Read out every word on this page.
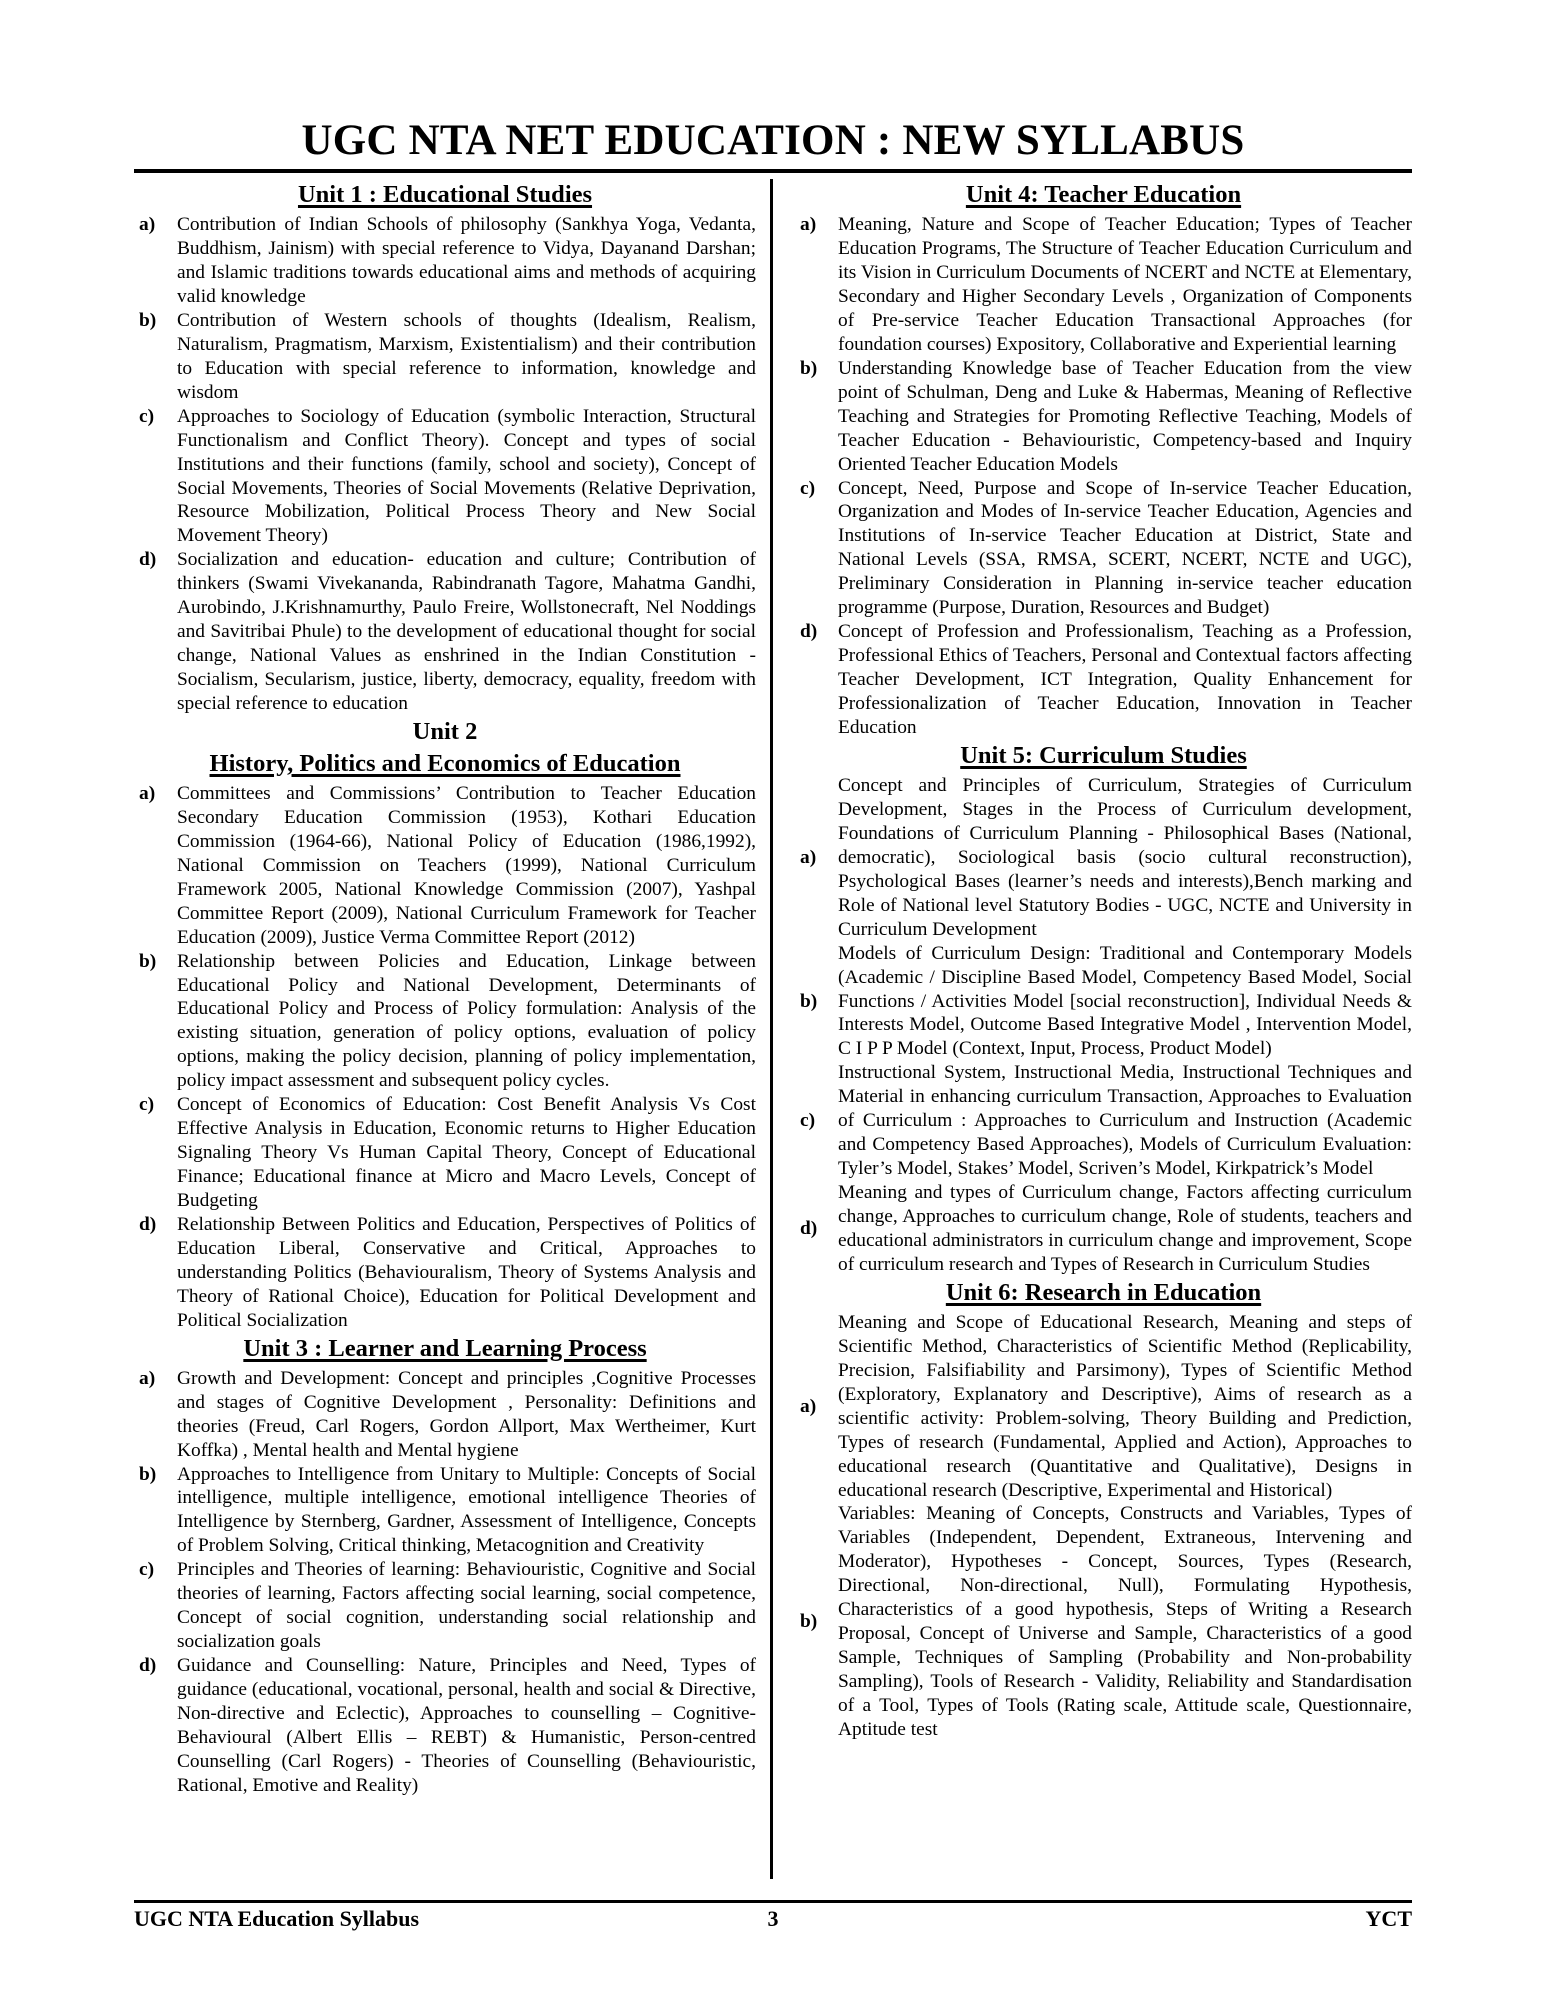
UGC NTA NET EDUCATION : NEW SYLLABUS
Unit 1 : Educational Studies
a)	Contribution of Indian Schools of philosophy (Sankhya Yoga, Vedanta, Buddhism, Jainism) with special reference to Vidya, Dayanand Darshan; and Islamic traditions towards educational aims and methods of acquiring valid knowledge
b)	Contribution of Western schools of thoughts (Idealism, Realism, Naturalism, Pragmatism, Marxism, Existentialism) and their contribution to Education with special reference to information, knowledge and wisdom
c)	Approaches to Sociology of Education (symbolic Interaction, Structural Functionalism and Conflict Theory). Concept and types of social Institutions and their functions (family, school and society), Concept of Social Movements, Theories of Social Movements (Relative Deprivation, Resource Mobilization, Political Process Theory and New Social Movement Theory)
d)	Socialization and education- education and culture; Contribution of thinkers (Swami Vivekananda, Rabindranath Tagore, Mahatma Gandhi, Aurobindo, J.Krishnamurthy, Paulo Freire, Wollstonecraft, Nel Noddings and Savitribai Phule) to the development of educational thought for social change, National Values as enshrined in the Indian Constitution - Socialism, Secularism, justice, liberty, democracy, equality, freedom with special reference to education
Unit 2
History, Politics and Economics of Education
a)	Committees and Commissions’ Contribution to Teacher Education Secondary Education Commission (1953), Kothari Education Commission (1964-66), National Policy of Education (1986,1992), National Commission on Teachers (1999), National Curriculum Framework 2005, National Knowledge Commission (2007), Yashpal Committee Report (2009), National Curriculum Framework for Teacher Education (2009), Justice Verma Committee Report (2012)
b)	Relationship between Policies and Education, Linkage between Educational Policy and National Development, Determinants of Educational Policy and Process of Policy formulation: Analysis of the existing situation, generation of policy options, evaluation of policy options, making the policy decision, planning of policy implementation, policy impact assessment and subsequent policy cycles.
c)	Concept of Economics of Education: Cost Benefit Analysis Vs Cost Effective Analysis in Education, Economic returns to Higher Education Signaling Theory Vs Human Capital Theory, Concept of Educational Finance; Educational finance at Micro and Macro Levels, Concept of Budgeting
d)	Relationship Between Politics and Education, Perspectives of Politics of Education Liberal, Conservative and Critical, Approaches to understanding Politics (Behaviouralism, Theory of Systems Analysis and Theory of Rational Choice), Education for Political Development and Political Socialization
Unit 3 : Learner and Learning Process
a)	Growth and Development: Concept and principles ,Cognitive Processes and stages of Cognitive Development , Personality: Definitions and theories (Freud, Carl Rogers, Gordon Allport, Max Wertheimer, Kurt Koffka) , Mental health and Mental hygiene
b)	Approaches to Intelligence from Unitary to Multiple: Concepts of Social intelligence, multiple intelligence, emotional intelligence Theories of Intelligence by Sternberg, Gardner, Assessment of Intelligence, Concepts of Problem Solving, Critical thinking, Metacognition and Creativity
c)	Principles and Theories of learning: Behaviouristic, Cognitive and Social theories of learning, Factors affecting social learning, social competence, Concept of social cognition, understanding social relationship and socialization goals
d)	Guidance and Counselling: Nature, Principles and Need, Types of guidance (educational, vocational, personal, health and social & Directive, Non-directive and Eclectic), Approaches to counselling – Cognitive-Behavioural (Albert Ellis – REBT) & Humanistic, Person-centred Counselling (Carl Rogers) - Theories of Counselling (Behaviouristic, Rational, Emotive and Reality)
Unit 4: Teacher Education
a)	Meaning, Nature and Scope of Teacher Education; Types of Teacher Education Programs, The Structure of Teacher Education Curriculum and its Vision in Curriculum Documents of NCERT and NCTE at Elementary, Secondary and Higher Secondary Levels , Organization of Components of Pre-service Teacher Education Transactional Approaches (for foundation courses) Expository, Collaborative and Experiential learning
b)	Understanding Knowledge base of Teacher Education from the view point of Schulman, Deng and Luke & Habermas, Meaning of Reflective Teaching and Strategies for Promoting Reflective Teaching, Models of Teacher Education - Behaviouristic, Competency-based and Inquiry Oriented Teacher Education Models
c)	Concept, Need, Purpose and Scope of In-service Teacher Education, Organization and Modes of In-service Teacher Education, Agencies and Institutions of In-service Teacher Education at District, State and National Levels (SSA, RMSA, SCERT, NCERT, NCTE and UGC), Preliminary Consideration in Planning in-service teacher education programme (Purpose, Duration, Resources and Budget)
d)	Concept of Profession and Professionalism, Teaching as a Profession, Professional Ethics of Teachers, Personal and Contextual factors affecting Teacher Development, ICT Integration, Quality Enhancement for Professionalization of Teacher Education, Innovation in Teacher Education
Unit 5: Curriculum Studies
a)
Concept and Principles of Curriculum, Strategies of Curriculum Development, Stages in the Process of Curriculum development, Foundations of Curriculum Planning - Philosophical Bases (National, democratic), Sociological basis (socio cultural reconstruction), Psychological Bases (learner’s needs and interests),Bench marking and Role of National level Statutory Bodies - UGC, NCTE and University in Curriculum Development
b)
Models of Curriculum Design: Traditional and Contemporary Models (Academic / Discipline Based Model, Competency Based Model, Social Functions / Activities Model [social reconstruction], Individual Needs & Interests Model, Outcome Based Integrative Model , Intervention Model, C I P P Model (Context, Input, Process, Product Model)
c)
Instructional System, Instructional Media, Instructional Techniques and Material in enhancing curriculum Transaction, Approaches to Evaluation of Curriculum : Approaches to Curriculum and Instruction (Academic and Competency Based Approaches), Models of Curriculum Evaluation: Tyler’s Model, Stakes’ Model, Scriven’s Model, Kirkpatrick’s Model
d)
Meaning and types of Curriculum change, Factors affecting curriculum change, Approaches to curriculum change, Role of students, teachers and educational administrators in curriculum change and improvement, Scope of curriculum research and Types of Research in Curriculum Studies
Unit 6: Research in Education
a)
Meaning and Scope of Educational Research, Meaning and steps of Scientific Method, Characteristics of Scientific Method (Replicability, Precision, Falsifiability and Parsimony), Types of Scientific Method (Exploratory, Explanatory and Descriptive), Aims of research as a scientific activity: Problem-solving, Theory Building and Prediction, Types of research (Fundamental, Applied and Action), Approaches to educational research (Quantitative and Qualitative), Designs in educational research (Descriptive, Experimental and Historical)
b)
Variables: Meaning of Concepts, Constructs and Variables, Types of Variables (Independent, Dependent, Extraneous, Intervening and Moderator), Hypotheses - Concept, Sources, Types (Research, Directional, Non-directional, Null), Formulating Hypothesis, Characteristics of a good hypothesis, Steps of Writing a Research Proposal, Concept of Universe and Sample, Characteristics of a good Sample, Techniques of Sampling (Probability and Non-probability Sampling), Tools of Research - Validity, Reliability and Standardisation of a Tool, Types of Tools (Rating scale, Attitude scale, Questionnaire, Aptitude test
UGC NTA Education Syllabus	3	YCT
